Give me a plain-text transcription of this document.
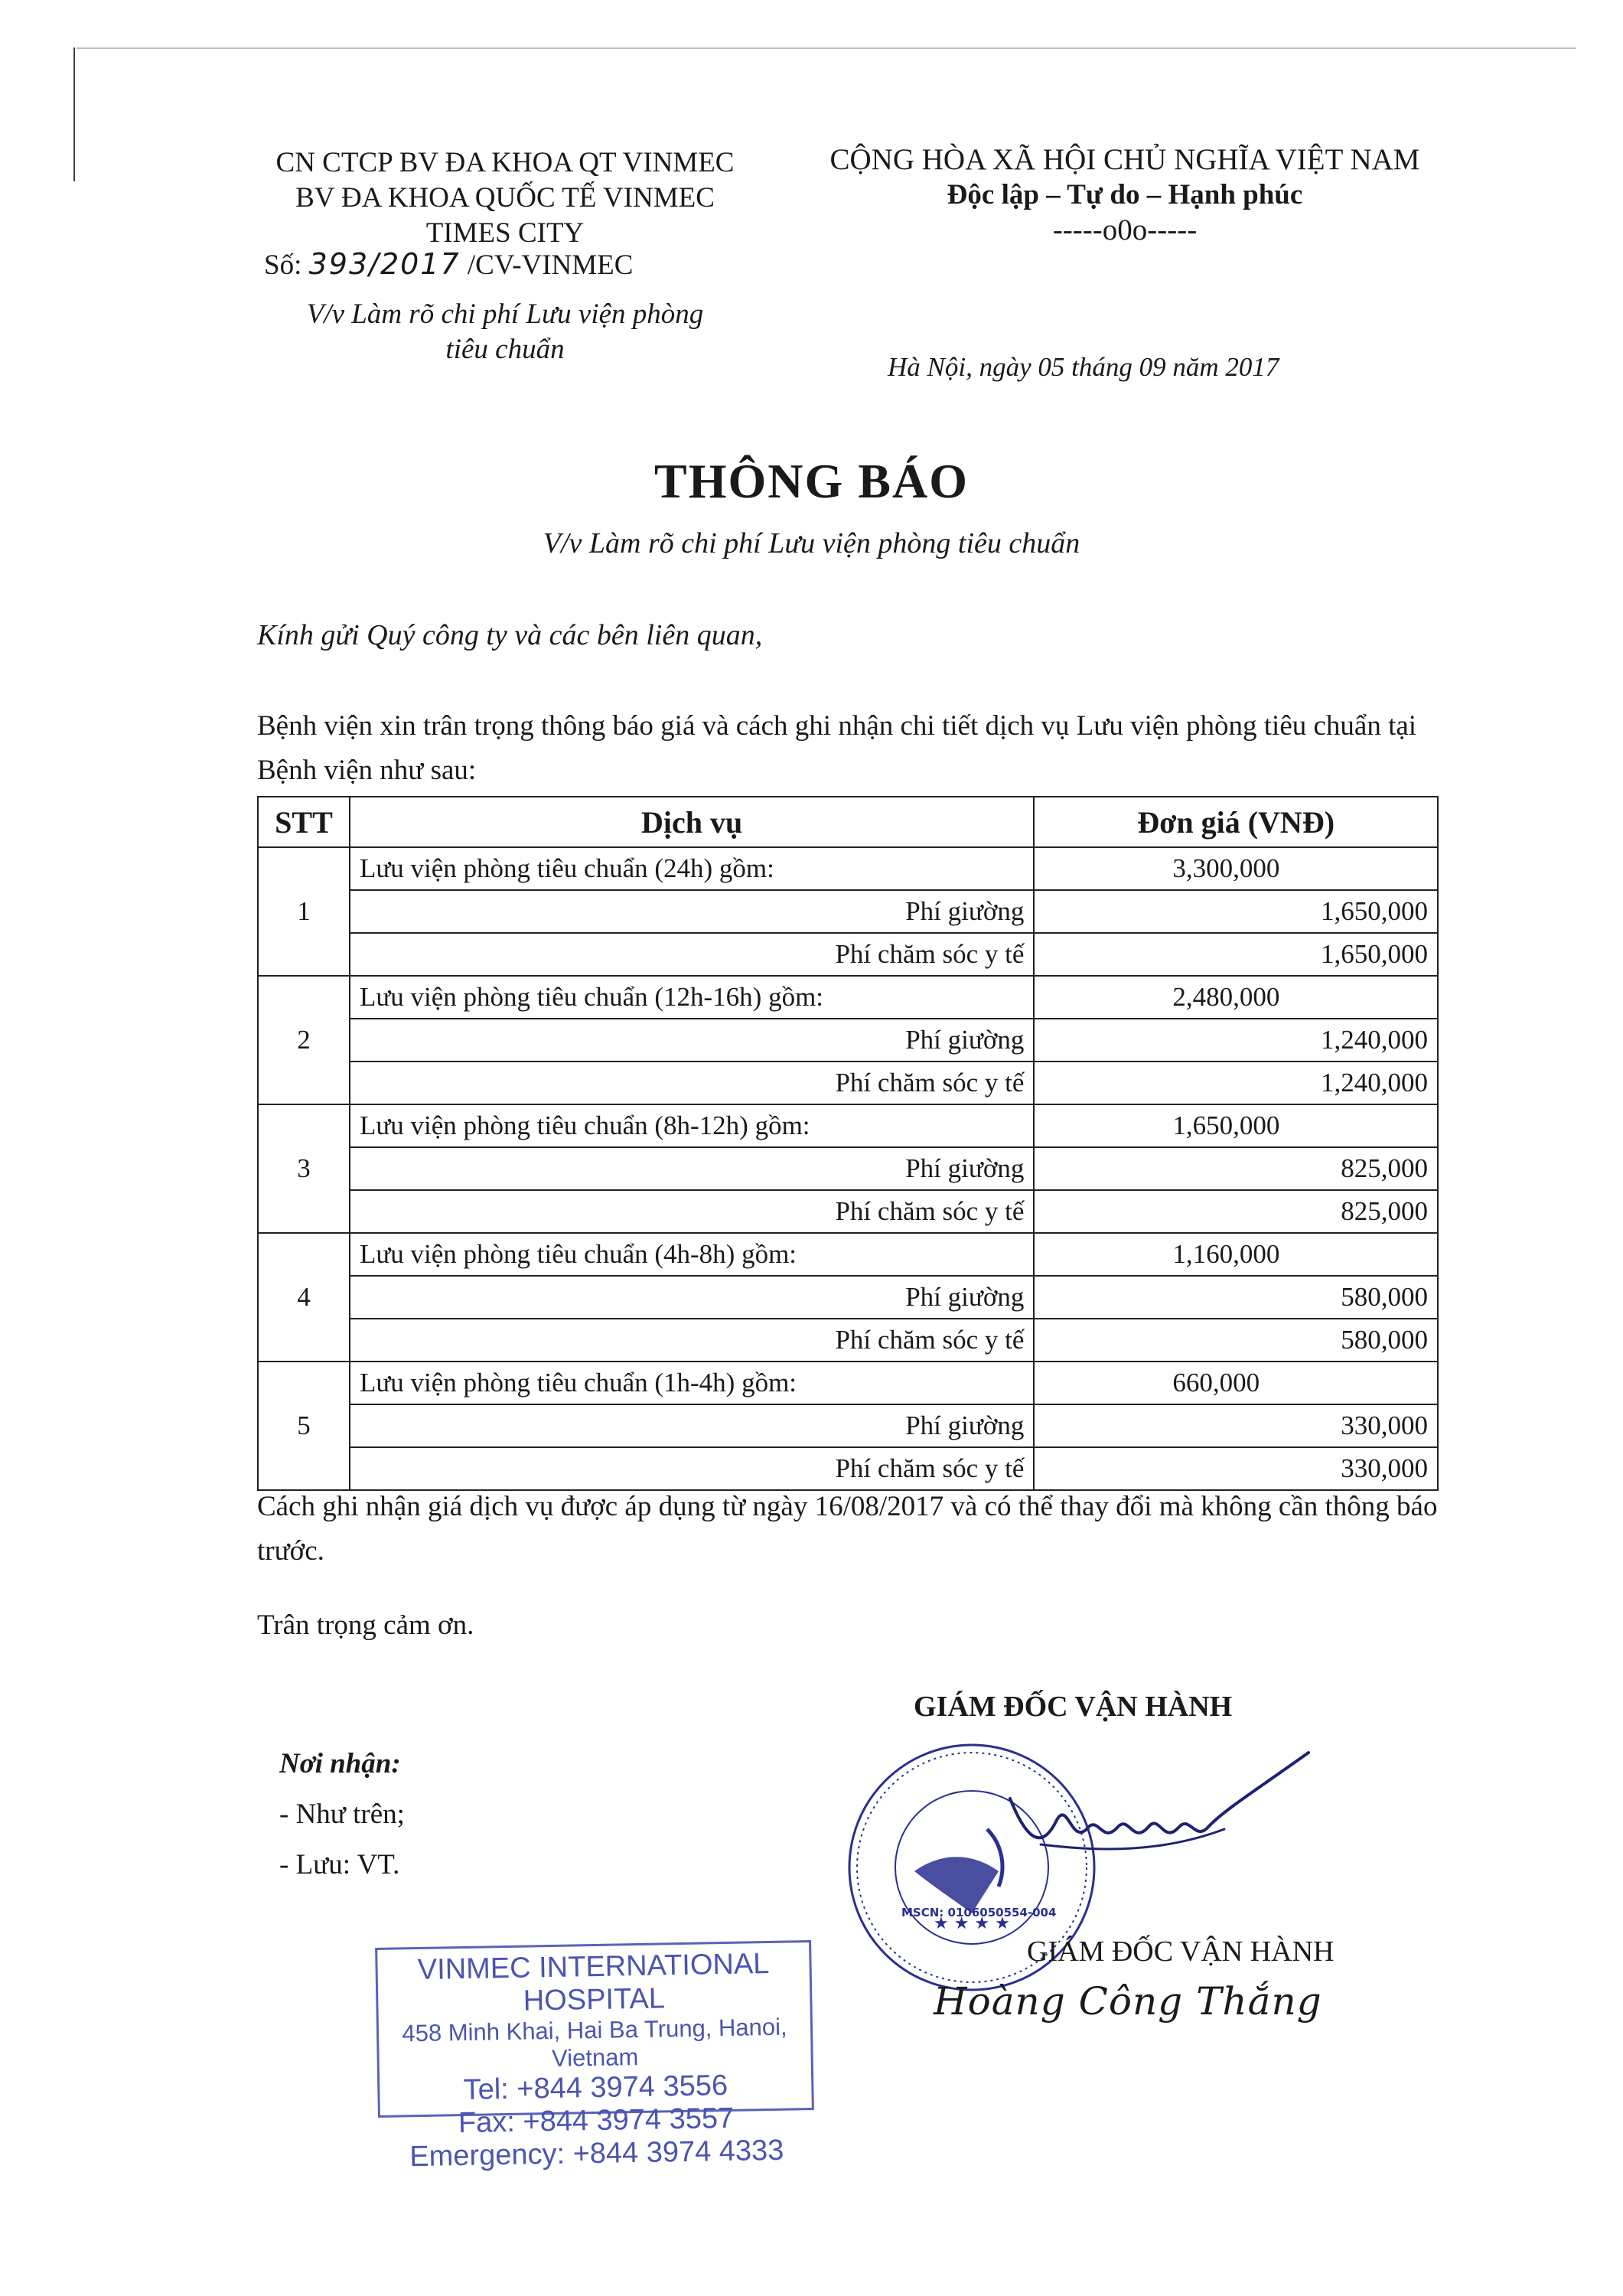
CN CTCP BV ĐA KHOA QT VINMEC
BV ĐA KHOA QUỐC TẾ VINMEC
TIMES CITY
Số: 393/2017 /CV-VINMEC
V/v Làm rõ chi phí Lưu viện phòng
tiêu chuẩn
CỘNG HÒA XÃ HỘI CHỦ NGHĨA VIỆT NAM
Độc lập – Tự do – Hạnh phúc
-----o0o-----
Hà Nội, ngày 05 tháng 09 năm 2017
THÔNG BÁO
V/v Làm rõ chi phí Lưu viện phòng tiêu chuẩn
Kính gửi Quý công ty và các bên liên quan,
Bệnh viện xin trân trọng thông báo giá và cách ghi nhận chi tiết dịch vụ Lưu viện phòng tiêu chuẩn tại Bệnh viện như sau:
STT	Dịch vụ	Đơn giá (VNĐ)
1	Lưu viện phòng tiêu chuẩn (24h) gồm:	3,300,000
	Phí giường	1,650,000
	Phí chăm sóc y tế	1,650,000
2	Lưu viện phòng tiêu chuẩn (12h-16h) gồm:	2,480,000
	Phí giường	1,240,000
	Phí chăm sóc y tế	1,240,000
3	Lưu viện phòng tiêu chuẩn (8h-12h) gồm:	1,650,000
	Phí giường	825,000
	Phí chăm sóc y tế	825,000
4	Lưu viện phòng tiêu chuẩn (4h-8h) gồm:	1,160,000
	Phí giường	580,000
	Phí chăm sóc y tế	580,000
5	Lưu viện phòng tiêu chuẩn (1h-4h) gồm:	660,000
	Phí giường	330,000
	Phí chăm sóc y tế	330,000
Cách ghi nhận giá dịch vụ được áp dụng từ ngày 16/08/2017 và có thể thay đổi mà không cần thông báo trước.
Trân trọng cảm ơn.
Nơi nhận:
- Như trên;
- Lưu: VT.
GIÁM ĐỐC VẬN HÀNH
★ ★ ★ ★
MSCN: 0106050554-004
GIÁM ĐỐC VẬN HÀNH
Hoàng Công Thắng
VINMEC INTERNATIONAL HOSPITAL
458 Minh Khai, Hai Ba Trung, Hanoi, Vietnam
Tel: +844 3974 3556
Fax: +844 3974 3557
Emergency: +844 3974 4333
